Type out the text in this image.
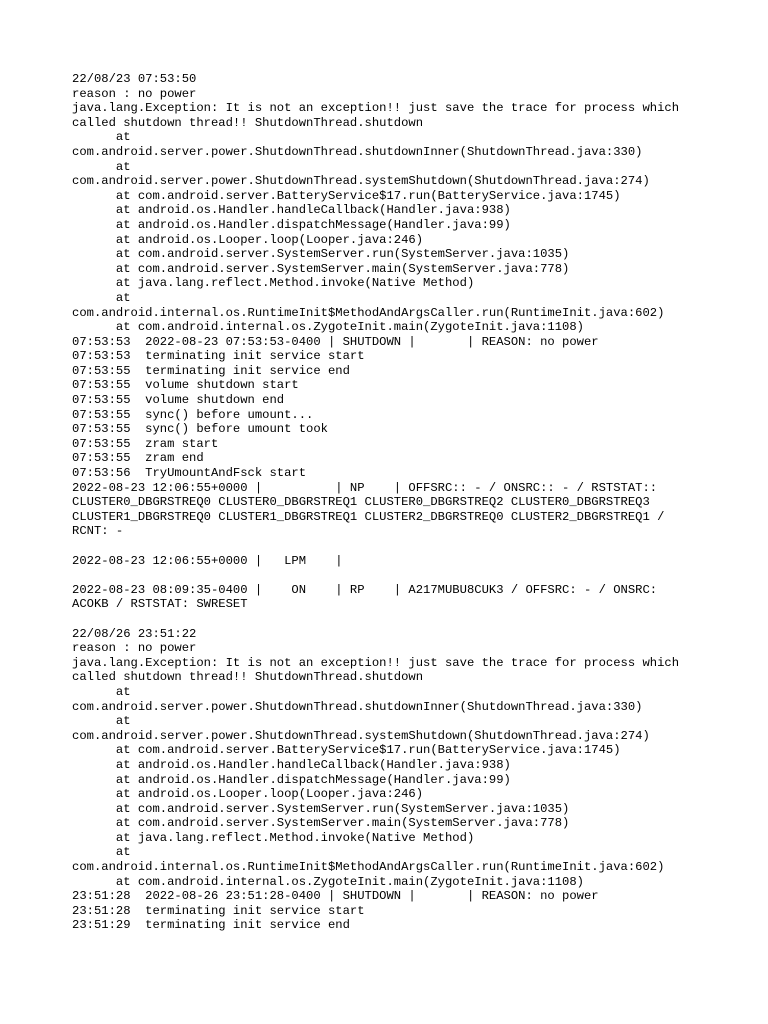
22/08/23 07:53:50
reason : no power
java.lang.Exception: It is not an exception!! just save the trace for process which
called shutdown thread!! ShutdownThread.shutdown
at
com.android.server.power.ShutdownThread.shutdownInner(ShutdownThread.java:330)
at
com.android.server.power.ShutdownThread.systemShutdown(ShutdownThread.java:274)
at com.android.server.BatteryService$17.run(BatteryService.java:1745)
at android.os.Handler.handleCallback(Handler.java:938)
at android.os.Handler.dispatchMessage(Handler.java:99)
at android.os.Looper.loop(Looper.java:246)
at com.android.server.SystemServer.run(SystemServer.java:1035)
at com.android.server.SystemServer.main(SystemServer.java:778)
at java.lang.reflect.Method.invoke(Native Method)
at
com.android.internal.os.RuntimeInit$MethodAndArgsCaller.run(RuntimeInit.java:602)
at com.android.internal.os.ZygoteInit.main(ZygoteInit.java:1108)
07:53:53  2022-08-23 07:53:53-0400 | SHUTDOWN |       | REASON: no power
07:53:53  terminating init service start
07:53:55  terminating init service end
07:53:55  volume shutdown start
07:53:55  volume shutdown end
07:53:55  sync() before umount...
07:53:55  sync() before umount took
07:53:55  zram start
07:53:55  zram end
07:53:56  TryUmountAndFsck start
2022-08-23 12:06:55+0000 |          | NP    | OFFSRC:: - / ONSRC:: - / RSTSTAT::
CLUSTER0_DBGRSTREQ0 CLUSTER0_DBGRSTREQ1 CLUSTER0_DBGRSTREQ2 CLUSTER0_DBGRSTREQ3
CLUSTER1_DBGRSTREQ0 CLUSTER1_DBGRSTREQ1 CLUSTER2_DBGRSTREQ0 CLUSTER2_DBGRSTREQ1 /
RCNT: -
2022-08-23 12:06:55+0000 |   LPM    |
2022-08-23 08:09:35-0400 |    ON    | RP    | A217MUBU8CUK3 / OFFSRC: - / ONSRC:
ACOKB / RSTSTAT: SWRESET
22/08/26 23:51:22
reason : no power
java.lang.Exception: It is not an exception!! just save the trace for process which
called shutdown thread!! ShutdownThread.shutdown
at
com.android.server.power.ShutdownThread.shutdownInner(ShutdownThread.java:330)
at
com.android.server.power.ShutdownThread.systemShutdown(ShutdownThread.java:274)
at com.android.server.BatteryService$17.run(BatteryService.java:1745)
at android.os.Handler.handleCallback(Handler.java:938)
at android.os.Handler.dispatchMessage(Handler.java:99)
at android.os.Looper.loop(Looper.java:246)
at com.android.server.SystemServer.run(SystemServer.java:1035)
at com.android.server.SystemServer.main(SystemServer.java:778)
at java.lang.reflect.Method.invoke(Native Method)
at
com.android.internal.os.RuntimeInit$MethodAndArgsCaller.run(RuntimeInit.java:602)
at com.android.internal.os.ZygoteInit.main(ZygoteInit.java:1108)
23:51:28  2022-08-26 23:51:28-0400 | SHUTDOWN |       | REASON: no power
23:51:28  terminating init service start
23:51:29  terminating init service end
